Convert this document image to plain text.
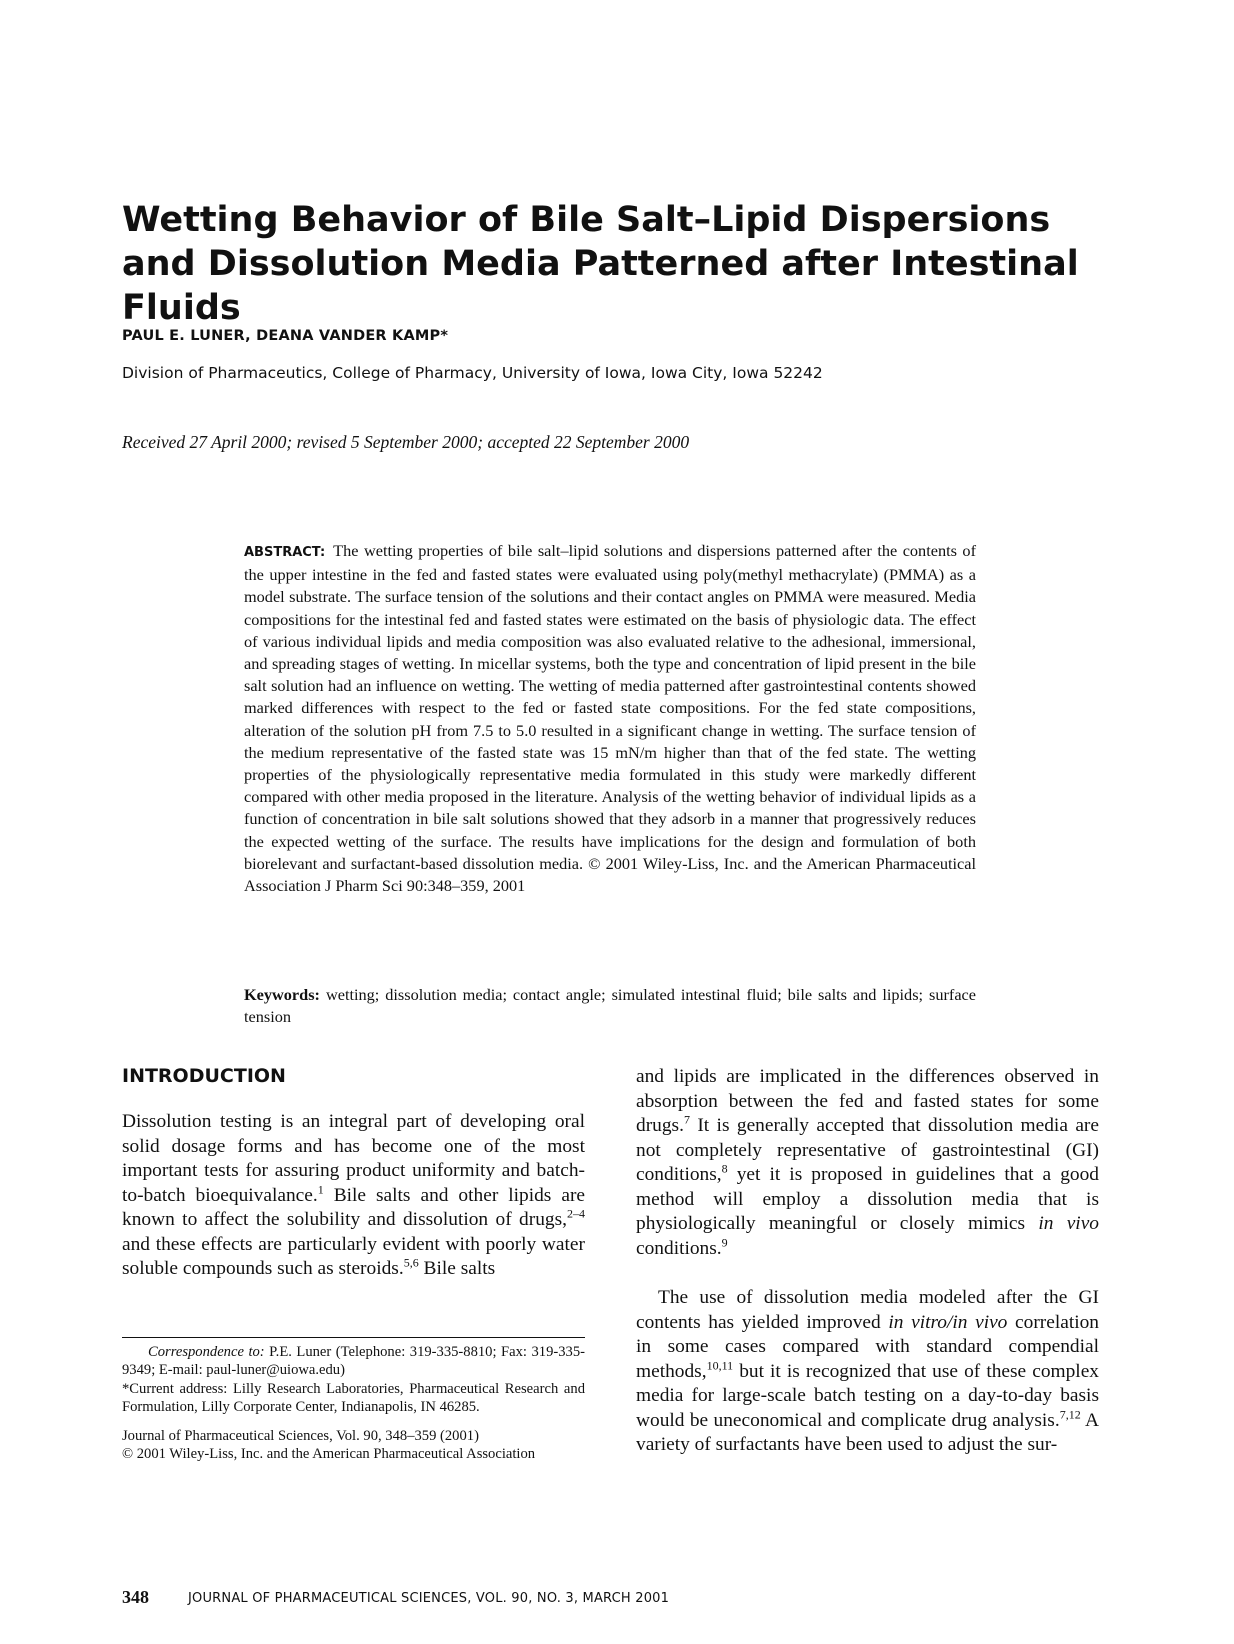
Wetting Behavior of Bile Salt–Lipid Dispersions and Dissolution Media Patterned after Intestinal Fluids
PAUL E. LUNER, DEANA VANDER KAMP*
Division of Pharmaceutics, College of Pharmacy, University of Iowa, Iowa City, Iowa 52242
Received 27 April 2000; revised 5 September 2000; accepted 22 September 2000

ABSTRACT: The wetting properties of bile salt–lipid solutions and dispersions patterned after the contents of the upper intestine in the fed and fasted states were evaluated using poly(methyl methacrylate) (PMMA) as a model substrate. The surface tension of the solutions and their contact angles on PMMA were measured. Media compositions for the intestinal fed and fasted states were estimated on the basis of physiologic data. The effect of various individual lipids and media composition was also evaluated relative to the adhesional, immersional, and spreading stages of wetting. In micellar systems, both the type and concentration of lipid present in the bile salt solution had an influence on wetting. The wetting of media patterned after gastrointestinal contents showed marked differences with respect to the fed or fasted state compositions. For the fed state compositions, alteration of the solution pH from 7.5 to 5.0 resulted in a significant change in wetting. The surface tension of the medium representative of the fasted state was 15 mN/m higher than that of the fed state. The wetting properties of the physiologically representative media formulated in this study were markedly different compared with other media proposed in the literature. Analysis of the wetting behavior of individual lipids as a function of concentration in bile salt solutions showed that they adsorb in a manner that progressively reduces the expected wetting of the surface. The results have implications for the design and formulation of both biorelevant and surfactant-based dissolution media. © 2001 Wiley-Liss, Inc. and the American Pharmaceutical Association J Pharm Sci 90:348–359, 2001

Keywords: wetting; dissolution media; contact angle; simulated intestinal fluid; bile salts and lipids; surface tension

INTRODUCTION

Dissolution testing is an integral part of developing oral solid dosage forms and has become one of the most important tests for assuring product uniformity and batch-to-batch bioequivalance.$^1$ Bile salts and other lipids are known to affect the solubility and dissolution of drugs,$^{2-4}$ and these effects are particularly evident with poorly water soluble compounds such as steroids.$^{5,6}$ Bile salts

and lipids are implicated in the differences observed in absorption between the fed and fasted states for some drugs.$^7$ It is generally accepted that dissolution media are not completely representative of gastrointestinal (GI) conditions,$^8$ yet it is proposed in guidelines that a good method will employ a dissolution media that is physiologically meaningful or closely mimics in vivo conditions.$^9$

The use of dissolution media modeled after the GI contents has yielded improved in vitro/in vivo correlation in some cases compared with standard compendial methods,$^{10,11}$ but it is recognized that use of these complex media for large-scale batch testing on a day-to-day basis would be uneconomical and complicate drug analysis.$^{7,12}$ A variety of surfactants have been used to adjust the sur-

Correspondence to: P.E. Luner (Telephone: 319-335-8810; Fax: 319-335-9349; E-mail: paul-luner@uiowa.edu)

*Current address: Lilly Research Laboratories, Pharmaceutical Research and Formulation, Lilly Corporate Center, Indianapolis, IN 46285.

Journal of Pharmaceutical Sciences, Vol. 90, 348–359 (2001)

© 2001 Wiley-Liss, Inc. and the American Pharmaceutical Association

348	JOURNAL OF PHARMACEUTICAL SCIENCES, VOL. 90, NO. 3, MARCH 2001
